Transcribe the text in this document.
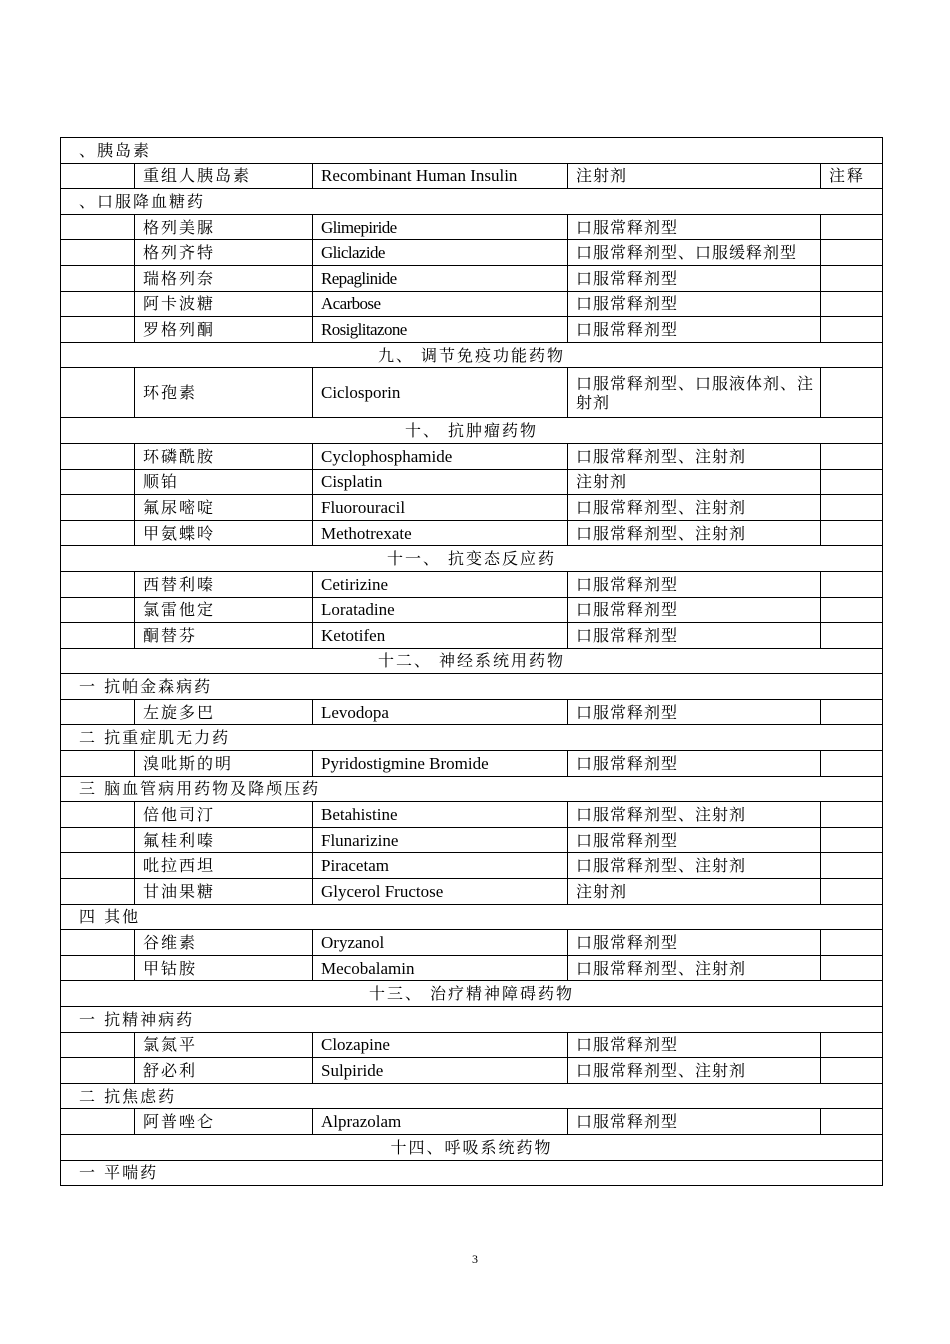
、胰岛素				
	重组人胰岛素	Recombinant Human Insulin	注射剂	注释
、口服降血糖药				
	格列美脲	Glimepiride	口服常释剂型	
	格列齐特	Gliclazide	口服常释剂型、口服缓释剂型	
	瑞格列奈	Repaglinide	口服常释剂型	
	阿卡波糖	Acarbose	口服常释剂型	
	罗格列酮	Rosiglitazone	口服常释剂型	
九、 调节免疫功能药物				
	环孢素	Ciclosporin	口服常释剂型、口服液体剂、注射剂	
十、 抗肿瘤药物				
	环磷酰胺	Cyclophosphamide	口服常释剂型、注射剂	
	顺铂	Cisplatin	注射剂	
	氟尿嘧啶	Fluorouracil	口服常释剂型、注射剂	
	甲氨蝶呤	Methotrexate	口服常释剂型、注射剂	
十一、 抗变态反应药				
	西替利嗪	Cetirizine	口服常释剂型	
	氯雷他定	Loratadine	口服常释剂型	
	酮替芬	Ketotifen	口服常释剂型	
十二、 神经系统用药物				
一 抗帕金森病药				
	左旋多巴	Levodopa	口服常释剂型	
二 抗重症肌无力药				
	溴吡斯的明	Pyridostigmine Bromide	口服常释剂型	
三 脑血管病用药物及降颅压药				
	倍他司汀	Betahistine	口服常释剂型、注射剂	
	氟桂利嗪	Flunarizine	口服常释剂型	
	吡拉西坦	Piracetam	口服常释剂型、注射剂	
	甘油果糖	Glycerol Fructose	注射剂	
四 其他				
	谷维素	Oryzanol	口服常释剂型	
	甲钴胺	Mecobalamin	口服常释剂型、注射剂	
十三、 治疗精神障碍药物				
一 抗精神病药				
	氯氮平	Clozapine	口服常释剂型	
	舒必利	Sulpiride	口服常释剂型、注射剂	
二 抗焦虑药				
	阿普唑仑	Alprazolam	口服常释剂型	
十四、呼吸系统药物				
一 平喘药				
3
